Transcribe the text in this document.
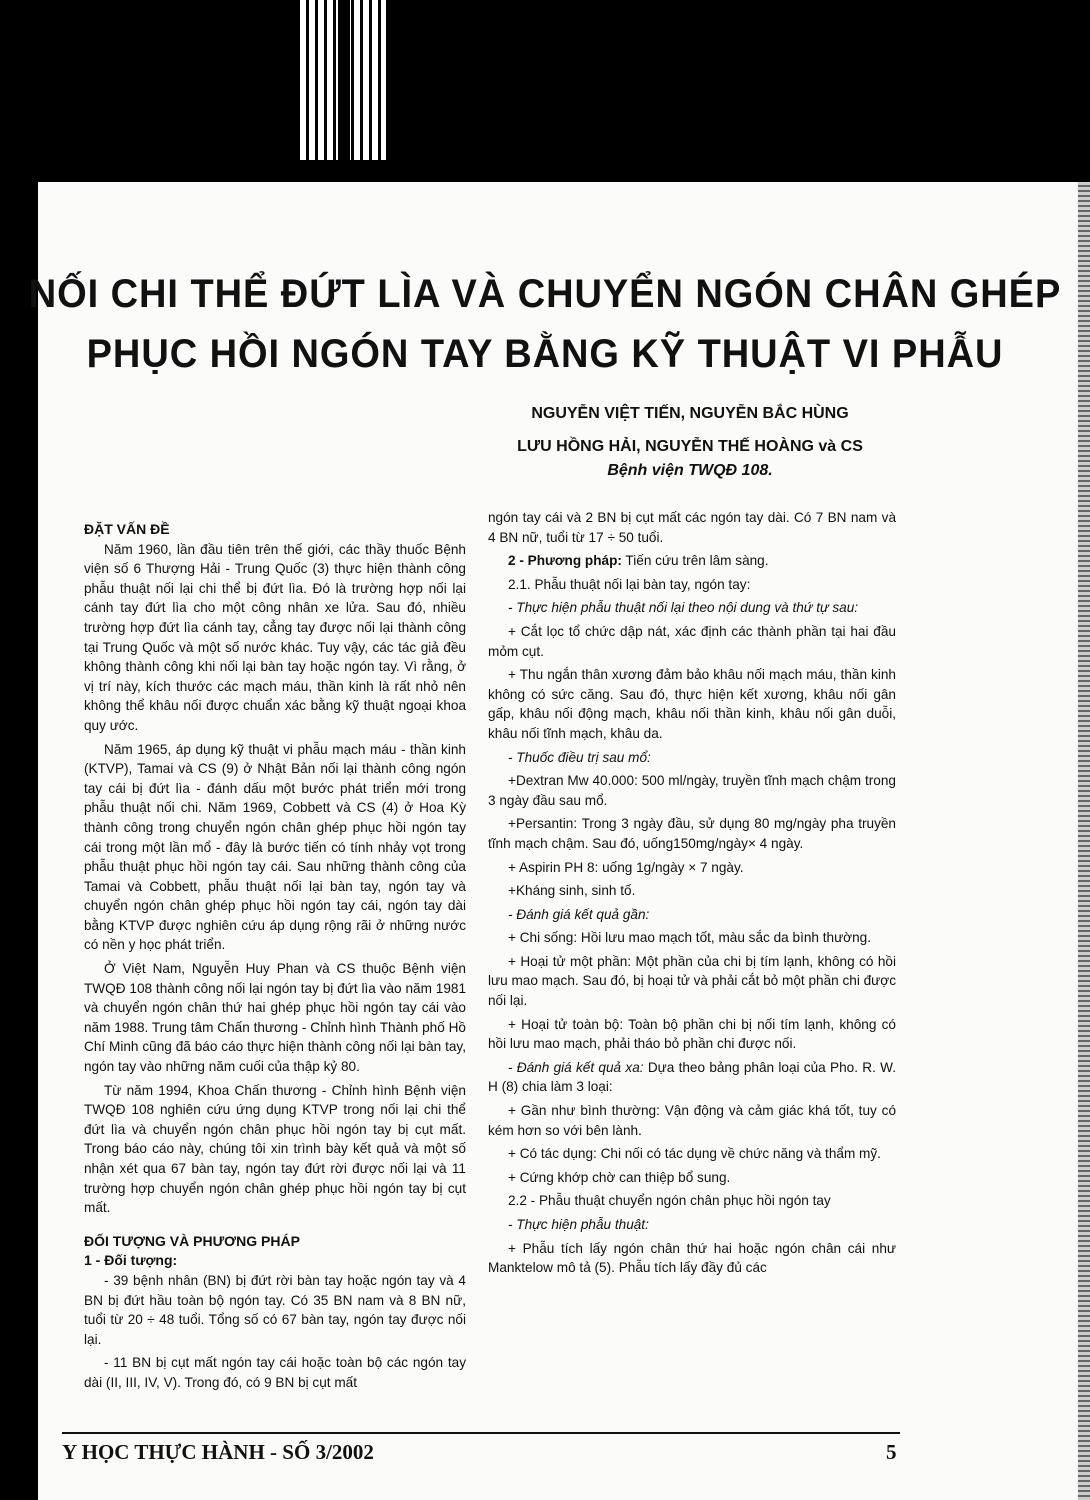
NỐI CHI THỂ ĐỨT LÌA VÀ CHUYỂN NGÓN CHÂN GHÉP
PHỤC HỒI NGÓN TAY BẰNG KỸ THUẬT VI PHẪU
NGUYỄN VIỆT TIẾN, NGUYỄN BẮC HÙNG
LƯU HỒNG HẢI, NGUYỄN THẾ HOÀNG và CS
Bệnh viện TWQĐ 108.

ĐẶT VẤN ĐỀ

Năm 1960, lần đầu tiên trên thế giới, các thầy thuốc Bệnh viện số 6 Thượng Hải - Trung Quốc (3) thực hiện thành công phẫu thuật nối lại chi thể bị đứt lìa. Đó là trường hợp nối lại cánh tay đứt lìa cho một công nhân xe lửa. Sau đó, nhiều trường hợp đứt lìa cánh tay, cẳng tay được nối lại thành công tại Trung Quốc và một số nước khác. Tuy vậy, các tác giả đều không thành công khi nối lại bàn tay hoặc ngón tay. Vì rằng, ở vị trí này, kích thước các mạch máu, thần kinh là rất nhỏ nên không thể khâu nối được chuẩn xác bằng kỹ thuật ngoại khoa quy ước.

Năm 1965, áp dụng kỹ thuật vi phẫu mạch máu - thần kinh (KTVP), Tamai và CS (9) ở Nhật Bản nối lại thành công ngón tay cái bị đứt lìa - đánh dấu một bước phát triển mới trong phẫu thuật nối chi. Năm 1969, Cobbett và CS (4) ở Hoa Kỳ thành công trong chuyển ngón chân ghép phục hồi ngón tay cái trong một lần mổ - đây là bước tiến có tính nhảy vọt trong phẫu thuật phục hồi ngón tay cái. Sau những thành công của Tamai và Cobbett, phẫu thuật nối lại bàn tay, ngón tay và chuyển ngón chân ghép phục hồi ngón tay cái, ngón tay dài bằng KTVP được nghiên cứu áp dụng rộng rãi ở những nước có nền y học phát triển.

Ở Việt Nam, Nguyễn Huy Phan và CS thuộc Bệnh viện TWQĐ 108 thành công nối lại ngón tay bị đứt lìa vào năm 1981 và chuyển ngón chân thứ hai ghép phục hồi ngón tay cái vào năm 1988. Trung tâm Chấn thương - Chỉnh hình Thành phố Hồ Chí Minh cũng đã báo cáo thực hiện thành công nối lại bàn tay, ngón tay vào những năm cuối của thập kỷ 80.

Từ năm 1994, Khoa Chấn thương - Chỉnh hình Bệnh viện TWQĐ 108 nghiên cứu ứng dụng KTVP trong nối lại chi thể đứt lìa và chuyển ngón chân phục hồi ngón tay bị cụt mất. Trong báo cáo này, chúng tôi xin trình bày kết quả và một số nhận xét qua 67 bàn tay, ngón tay đứt rời được nối lại và 11 trường hợp chuyển ngón chân ghép phục hồi ngón tay bị cụt mất.

ĐỐI TƯỢNG VÀ PHƯƠNG PHÁP

1 - Đối tượng:

- 39 bệnh nhân (BN) bị đứt rời bàn tay hoặc ngón tay và 4 BN bị đứt hầu toàn bộ ngón tay. Có 35 BN nam và 8 BN nữ, tuổi từ 20 ÷ 48 tuổi. Tổng số có 67 bàn tay, ngón tay được nối lại.

- 11 BN bị cụt mất ngón tay cái hoặc toàn bộ các ngón tay dài (II, III, IV, V). Trong đó, có 9 BN bị cụt mất

ngón tay cái và 2 BN bị cụt mất các ngón tay dài. Có 7 BN nam và 4 BN nữ, tuổi từ 17 ÷ 50 tuổi.

2 - Phương pháp: Tiến cứu trên lâm sàng.

2.1. Phẫu thuật nối lại bàn tay, ngón tay:

- Thực hiện phẫu thuật nối lại theo nội dung và thứ tự sau:

+ Cắt lọc tổ chức dập nát, xác định các thành phần tại hai đầu mỏm cụt.

+ Thu ngắn thân xương đảm bảo khâu nối mạch máu, thần kinh không có sức căng. Sau đó, thực hiện kết xương, khâu nối gân gấp, khâu nối động mạch, khâu nối thần kinh, khâu nối gân duỗi, khâu nối tĩnh mạch, khâu da.

- Thuốc điều trị sau mổ:

+Dextran Mw 40.000: 500 ml/ngày, truyền tĩnh mạch chậm trong 3 ngày đầu sau mổ.

+Persantin: Trong 3 ngày đầu, sử dụng 80 mg/ngày pha truyền tĩnh mạch chậm. Sau đó, uống150mg/ngày× 4 ngày.

+ Aspirin PH 8: uống 1g/ngày × 7 ngày.

+Kháng sinh, sinh tố.

- Đánh giá kết quả gần:

+ Chi sống: Hồi lưu mao mạch tốt, màu sắc da bình thường.

+ Hoại tử một phần: Một phần của chi bị tím lạnh, không có hồi lưu mao mạch. Sau đó, bị hoại tử và phải cắt bỏ một phần chi được nối lại.

+ Hoại tử toàn bộ: Toàn bộ phần chi bị nối tím lạnh, không có hồi lưu mao mạch, phải tháo bỏ phần chi được nối.

- Đánh giá kết quả xa: Dựa theo bảng phân loại của Pho. R. W. H (8) chia làm 3 loại:

+ Gần như bình thường: Vận động và cảm giác khá tốt, tuy có kém hơn so với bên lành.

+ Có tác dụng: Chi nối có tác dụng về chức năng và thẩm mỹ.

+ Cứng khớp chờ can thiệp bổ sung.

2.2 - Phẫu thuật chuyển ngón chân phục hồi ngón tay

- Thực hiện phẫu thuật:

+ Phẫu tích lấy ngón chân thứ hai hoặc ngón chân cái như Manktelow mô tả (5). Phẫu tích lấy đầy đủ các

Y HỌC THỰC HÀNH - SỐ 3/2002	5
